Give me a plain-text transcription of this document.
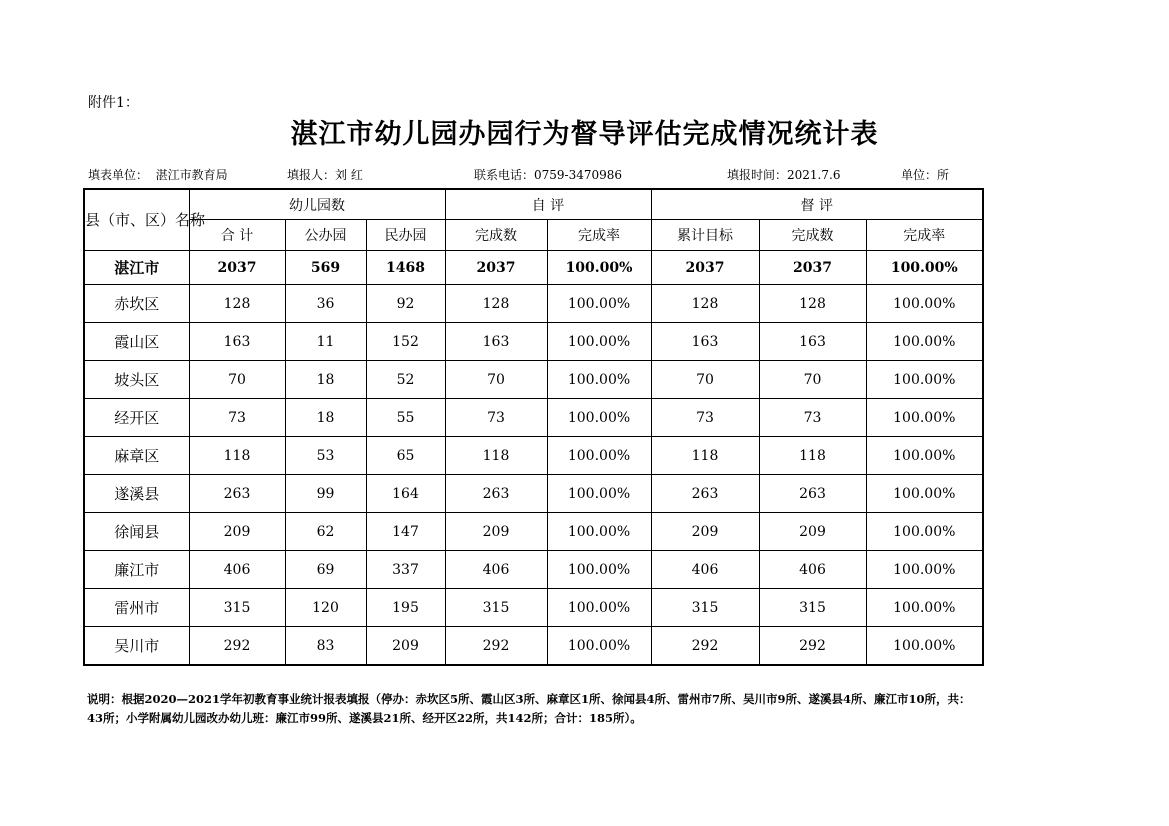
附件1：
湛江市幼儿园办园行为督导评估完成情况统计表
填表单位： 湛江市教育局	填报人：刘 红	联系电话：0759-3470986	填报时间：2021.7.6	单位：所
县（市、区）名称	幼儿园数			自 评		督 评		
	合 计	公办园	民办园	完成数	完成率	累计目标	完成数	完成率
湛江市	2037	569	1468	2037	100.00%	2037	2037	100.00%
赤坎区	128	36	92	128	100.00%	128	128	100.00%
霞山区	163	11	152	163	100.00%	163	163	100.00%
坡头区	70	18	52	70	100.00%	70	70	100.00%
经开区	73	18	55	73	100.00%	73	73	100.00%
麻章区	118	53	65	118	100.00%	118	118	100.00%
遂溪县	263	99	164	263	100.00%	263	263	100.00%
徐闻县	209	62	147	209	100.00%	209	209	100.00%
廉江市	406	69	337	406	100.00%	406	406	100.00%
雷州市	315	120	195	315	100.00%	315	315	100.00%
吴川市	292	83	209	292	100.00%	292	292	100.00%
说明：根据2020—2021学年初教育事业统计报表填报（停办：赤坎区5所、霞山区3所、麻章区1所、徐闻县4所、雷州市7所、吴川市9所、遂溪县4所、廉江市10所，共：43所；小学附属幼儿园改办幼儿班：廉江市99所、遂溪县21所、经开区22所，共142所；合计：185所）。
